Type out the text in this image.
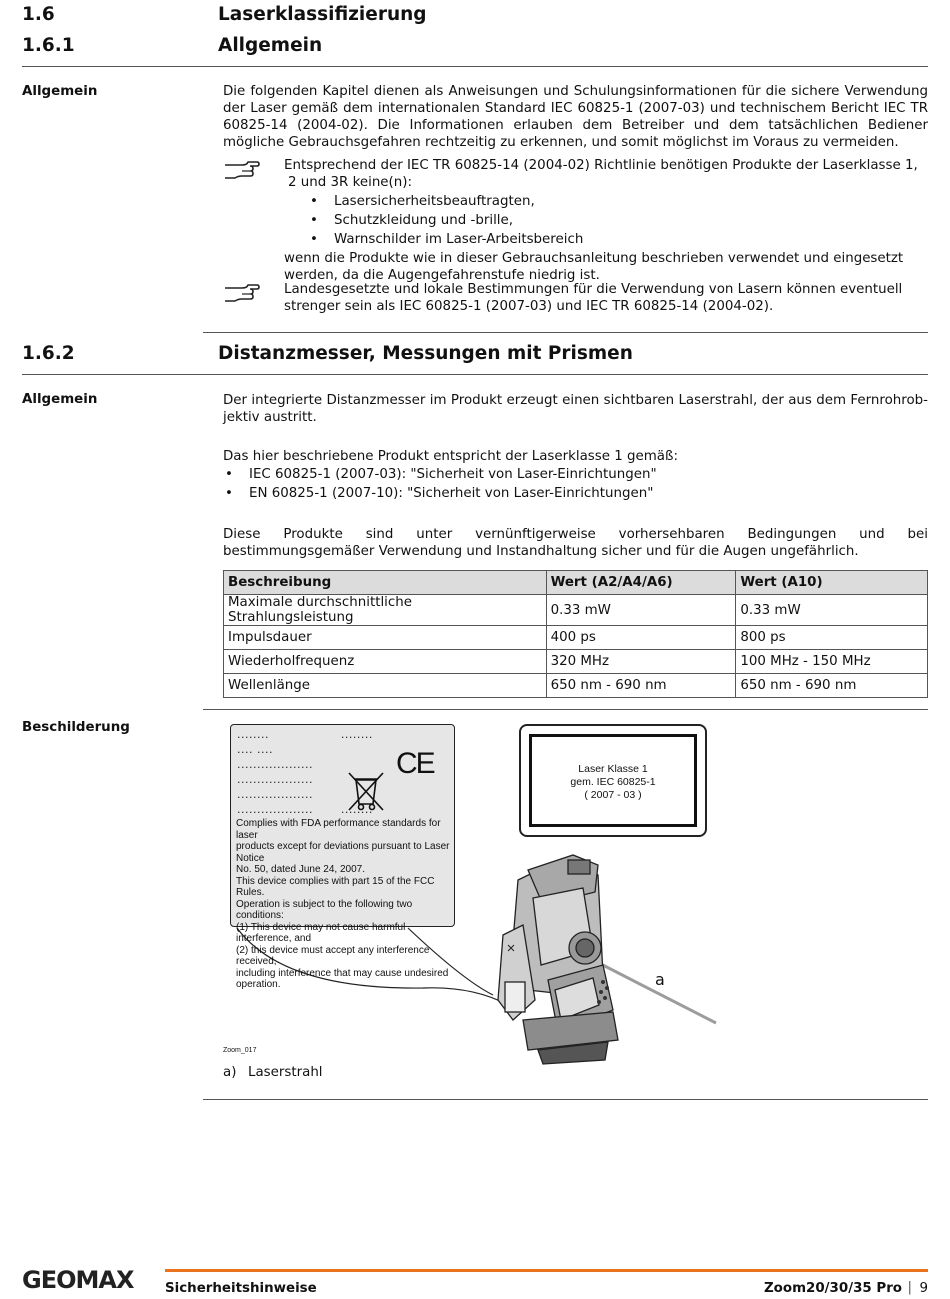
1.6	Laserklassifizierung
1.6.1	Allgemein
Allgemein	Die folgenden Kapitel dienen als Anweisungen und Schulungsinformationen für die sichere Verwendung der Laser gemäß dem internationalen Standard IEC 60825-1 (2007-03) und technischem Bericht IEC TR 60825-14 (2004-02). Die Informationen erlauben dem Betreiber und dem tatsächlichen Bediener mögliche Gebrauchsgefahren rechtzeitig zu erkennen, und somit möglichst im Voraus zu vermeiden.
Entsprechend der IEC TR 60825-14 (2004-02) Richtlinie benötigen Produkte der Laserklasse 1,
2 und 3R keine(n):
• Lasersicherheitsbeauftragten,
• Schutzkleidung und -brille,
• Warnschilder im Laser-Arbeitsbereich
wenn die Produkte wie in dieser Gebrauchsanleitung beschrieben verwendet und eingesetzt werden, da die Augengefahrenstufe niedrig ist.
Landesgesetzte und lokale Bestimmungen für die Verwendung von Lasern können eventuell strenger sein als IEC 60825-1 (2007-03) und IEC TR 60825-14 (2004-02).
1.6.2	Distanzmesser, Messungen mit Prismen
Allgemein	Der integrierte Distanzmesser im Produkt erzeugt einen sichtbaren Laserstrahl, der aus dem Fernrohrob-jektiv austritt.
Das hier beschriebene Produkt entspricht der Laserklasse 1 gemäß:
• IEC 60825-1 (2007-03): "Sicherheit von Laser-Einrichtungen"
• EN 60825-1 (2007-10): "Sicherheit von Laser-Einrichtungen"
Diese Produkte sind unter vernünftigerweise vorhersehbaren Bedingungen und bei bestimmungsgemäßer Verwendung und Instandhaltung sicher und für die Augen ungefährlich.
Beschreibung	Wert (A2/A4/A6)	Wert (A10)
Maximale durchschnittliche Strahlungsleistung	0.33 mW	0.33 mW
Impulsdauer	400 ps	800 ps
Wiederholfrequenz	320 MHz	100 MHz - 150 MHz
Wellenlänge	650 nm - 690 nm	650 nm - 690 nm
Beschilderung	........                  ........
.... ....
...................
...................
...................
...................       ........
CE
Complies with FDA performance standards for laser
products except for deviations pursuant to Laser Notice
No. 50, dated June 24, 2007.
This device complies with part 15 of the FCC Rules.
Operation is subject to the following two conditions:
(1) This device may not cause harmful interference, and
(2) this device must accept any interference received,
including interference that may cause undesired
operation.
Laser Klasse 1
gem. IEC 60825-1
( 2007 - 03 )
a
Zoom_017
a) Laserstrahl
GEOMAX Sicherheitshinweise	Zoom20/30/35 Pro | 9
